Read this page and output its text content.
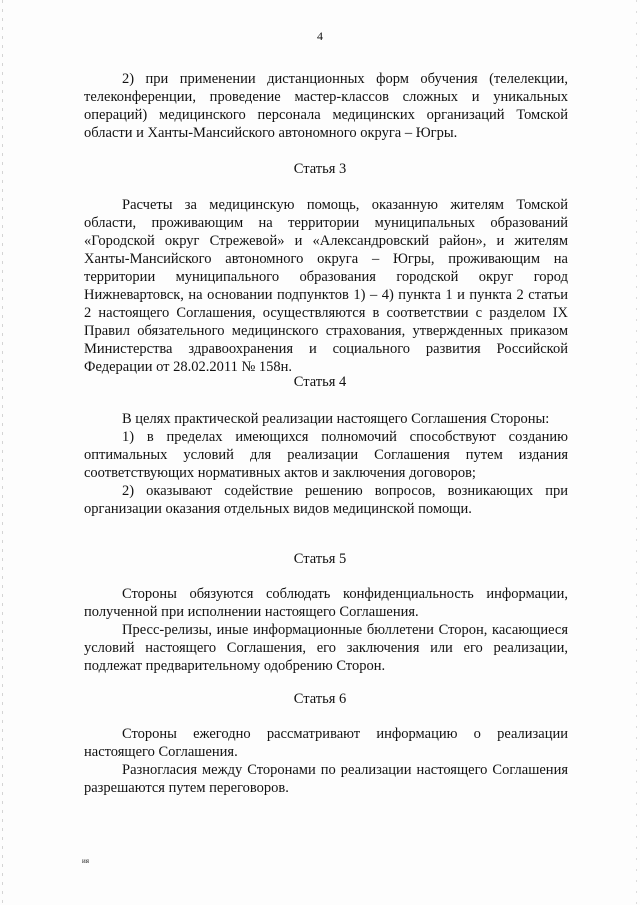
4

2) при применении дистанционных форм обучения (телелекции, телеконференции, проведение мастер-классов сложных и уникальных операций) медицинского персонала медицинских организаций Томской области и Ханты-Мансийского автономного округа – Югры.

Статья 3

Расчеты за медицинскую помощь, оказанную жителям Томской области, проживающим на территории муниципальных образований «Городской округ Стрежевой» и «Александровский район», и жителям Ханты-Мансийского автономного округа – Югры, проживающим на территории муниципального образования городской округ город Нижневартовск, на основании подпунктов 1) – 4) пункта 1 и пункта 2 статьи 2 настоящего Соглашения, осуществляются в соответствии с разделом IX Правил обязательного медицинского страхования, утвержденных приказом Министерства здравоохранения и социального развития Российской Федерации от 28.02.2011 № 158н.

Статья 4

В целях практической реализации настоящего Соглашения Стороны:

1) в пределах имеющихся полномочий способствуют созданию оптимальных условий для реализации Соглашения путем издания соответствующих нормативных актов и заключения договоров;

2) оказывают содействие решению вопросов, возникающих при организации оказания отдельных видов медицинской помощи.

Статья 5

Стороны обязуются соблюдать конфиденциальность информации, полученной при исполнении настоящего Соглашения.

Пресс-релизы, иные информационные бюллетени Сторон, касающиеся условий настоящего Соглашения, его заключения или его реализации, подлежат предварительному одобрению Сторон.

Статья 6

Стороны ежегодно рассматривают информацию о реализации настоящего Соглашения.

Разногласия между Сторонами по реализации настоящего Соглашения разрешаются путем переговоров.

ия
